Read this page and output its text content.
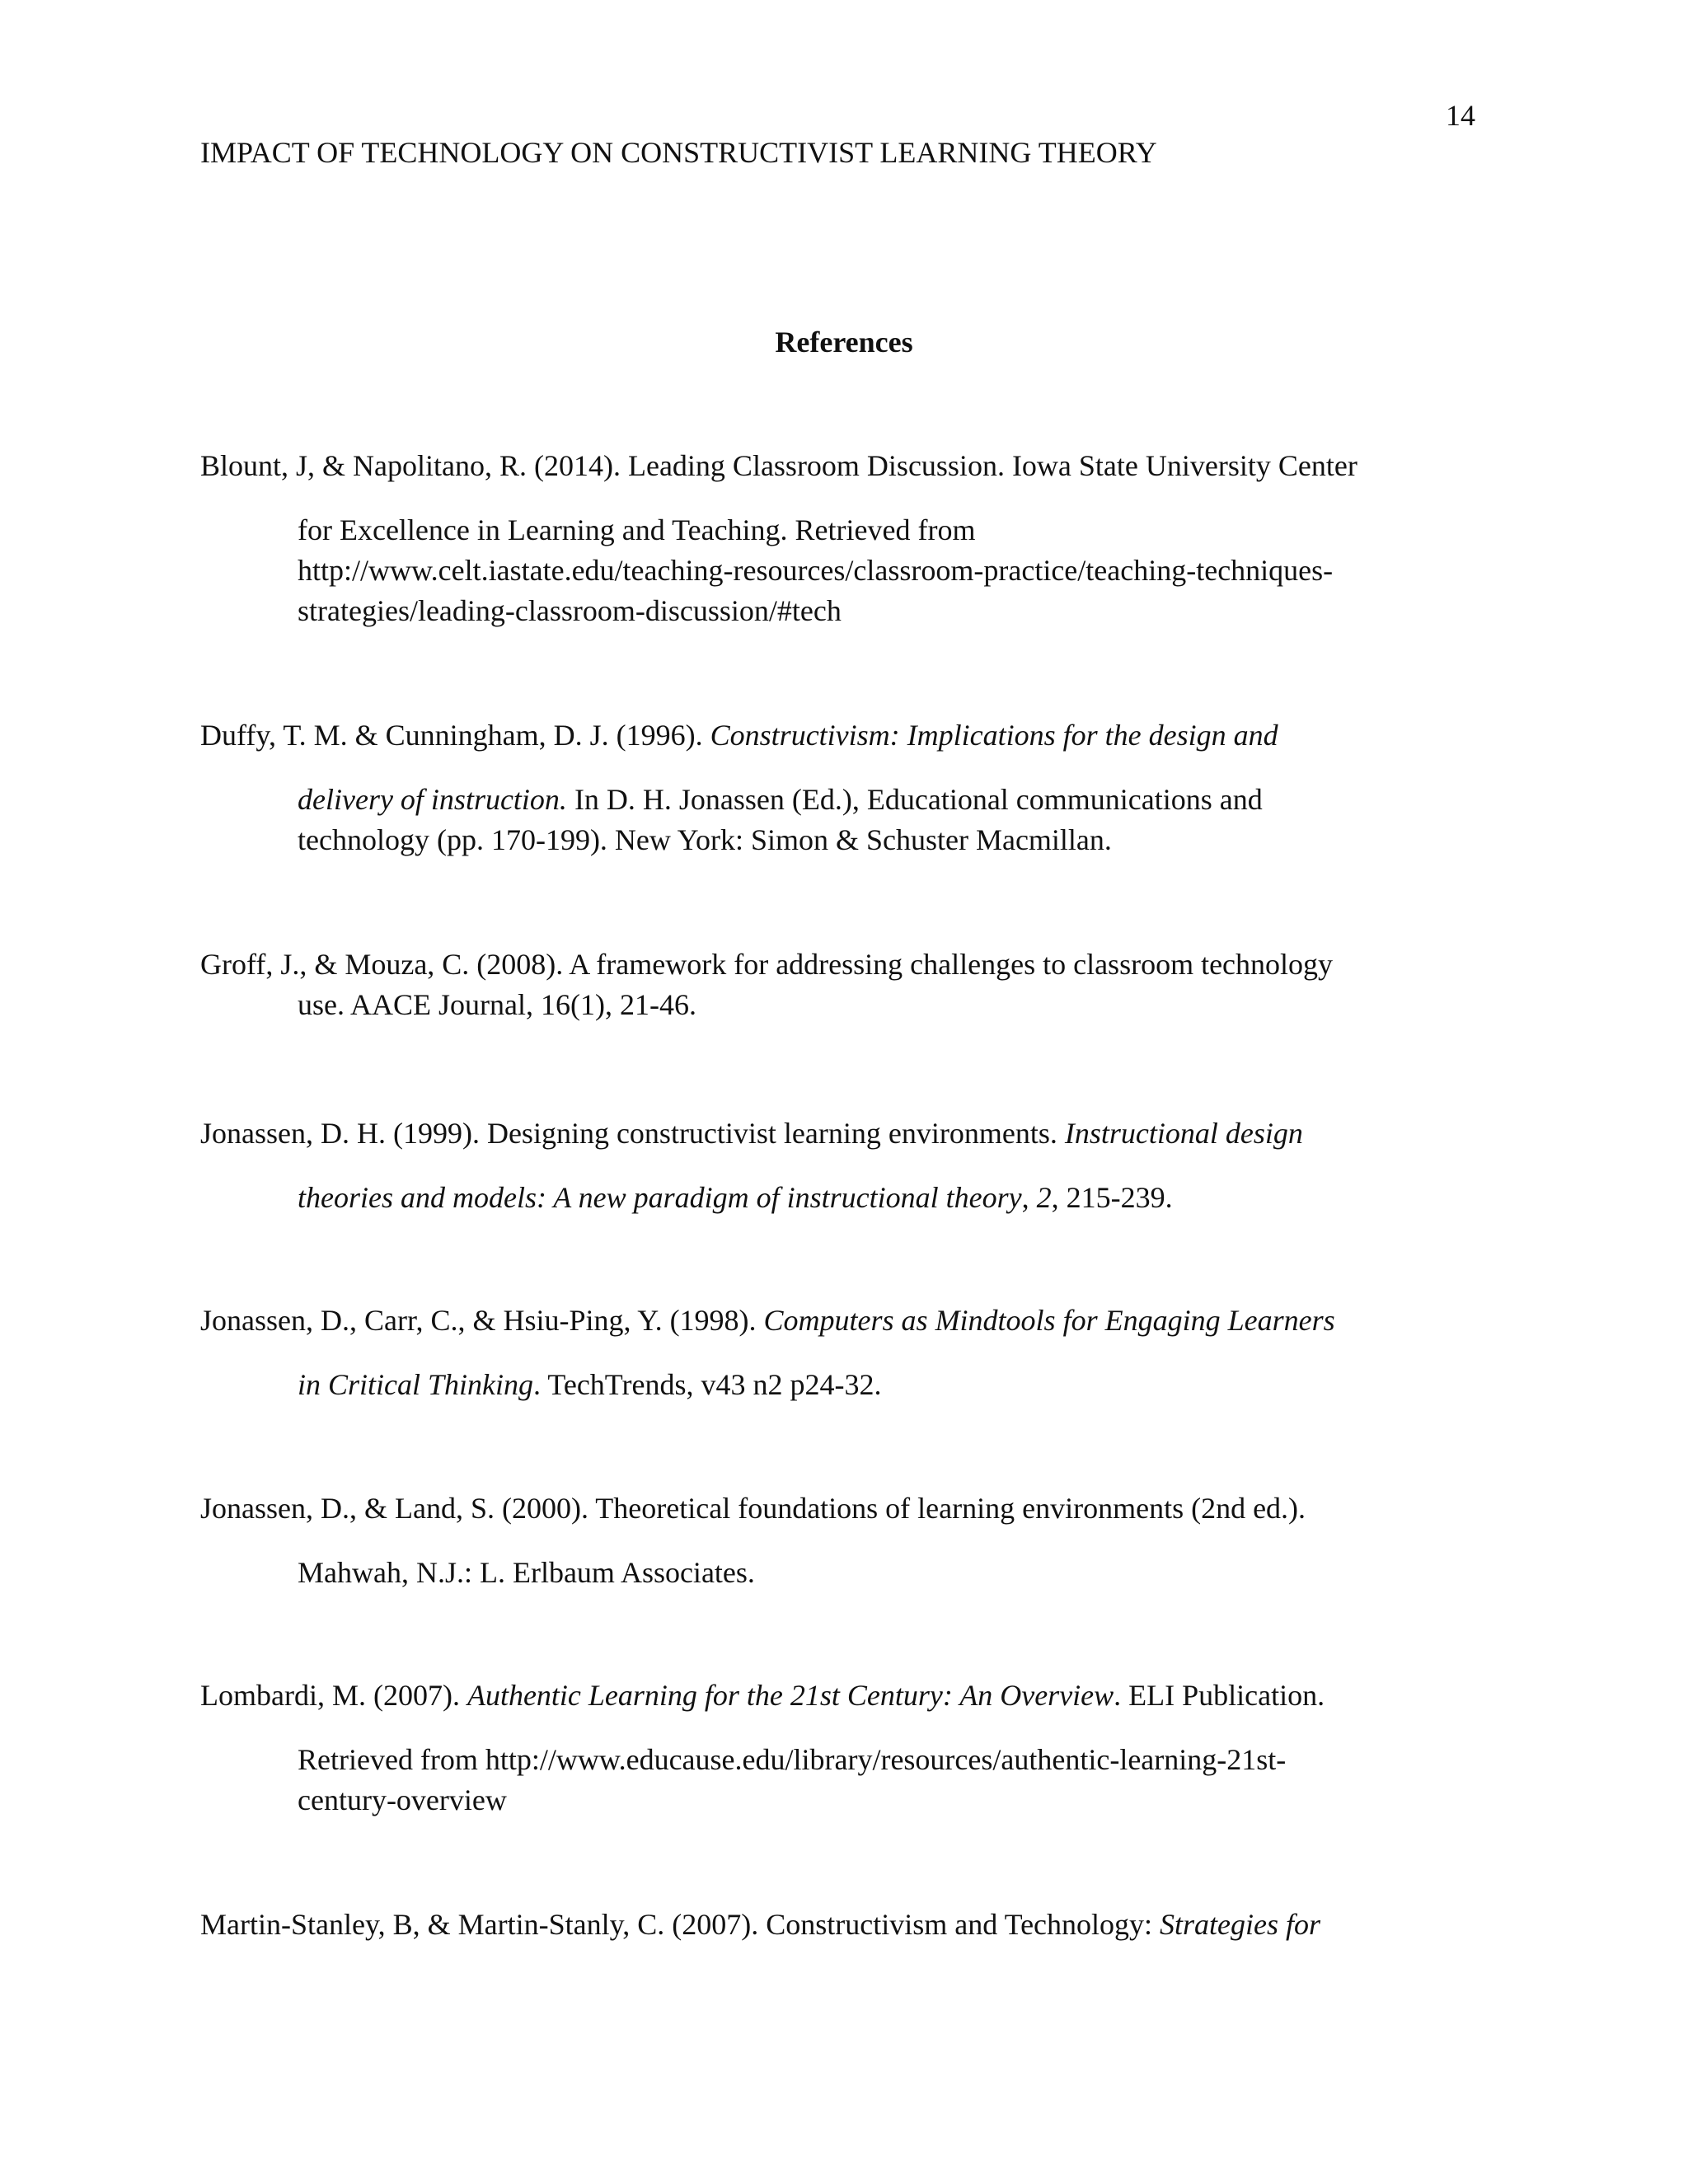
14
IMPACT OF TECHNOLOGY ON CONSTRUCTIVIST LEARNING THEORY
References
Blount, J, & Napolitano, R. (2014). Leading Classroom Discussion. Iowa State University Center
for Excellence in Learning and Teaching. Retrieved from
http://www.celt.iastate.edu/teaching-resources/classroom-practice/teaching-techniques-
strategies/leading-classroom-discussion/#tech
Duffy, T. M. & Cunningham, D. J. (1996). Constructivism: Implications for the design and
delivery of instruction. In D. H. Jonassen (Ed.), Educational communications and
technology (pp. 170-199). New York: Simon & Schuster Macmillan.
Groff, J., & Mouza, C. (2008). A framework for addressing challenges to classroom technology
use. AACE Journal, 16(1), 21-46.
Jonassen, D. H. (1999). Designing constructivist learning environments. Instructional design
theories and models: A new paradigm of instructional theory, 2, 215-239.
Jonassen, D., Carr, C., & Hsiu-Ping, Y. (1998). Computers as Mindtools for Engaging Learners
in Critical Thinking. TechTrends, v43 n2 p24-32.
Jonassen, D., & Land, S. (2000). Theoretical foundations of learning environments (2nd ed.).
Mahwah, N.J.: L. Erlbaum Associates.
Lombardi, M. (2007). Authentic Learning for the 21st Century: An Overview. ELI Publication.
Retrieved from http://www.educause.edu/library/resources/authentic-learning-21st-
century-overview
Martin-Stanley, B, & Martin-Stanly, C. (2007). Constructivism and Technology: Strategies for
